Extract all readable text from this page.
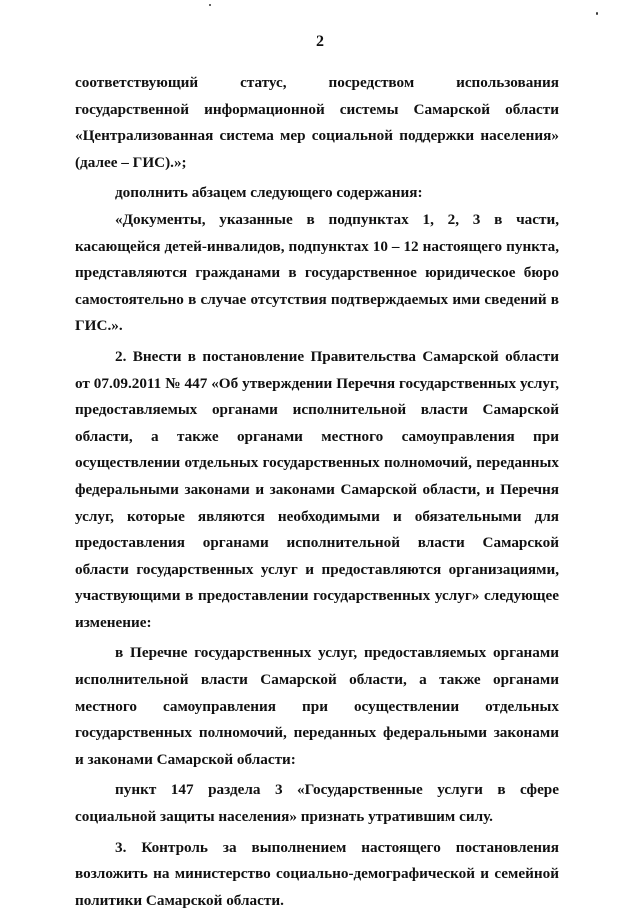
2

соответствующий статус, посредством использования государственной информационной системы Самарской области «Централизованная система мер социальной поддержки населения» (далее – ГИС).»;

дополнить абзацем следующего содержания:

«Документы, указанные в подпунктах 1, 2, 3 в части, касающейся детей-инвалидов, подпунктах 10 – 12 настоящего пункта, представляются гражданами в государственное юридическое бюро самостоятельно в случае отсутствия подтверждаемых ими сведений в ГИС.».

2. Внести в постановление Правительства Самарской области от 07.09.2011 № 447 «Об утверждении Перечня государственных услуг, предоставляемых органами исполнительной власти Самарской области, а также органами местного самоуправления при осуществлении отдельных государственных полномочий, переданных федеральными законами и законами Самарской области, и Перечня услуг, которые являются необходимыми и обязательными для предоставления органами исполнительной власти Самарской области государственных услуг и предоставляются организациями, участвующими в предоставлении государственных услуг» следующее изменение:

в Перечне государственных услуг, предоставляемых органами исполнительной власти Самарской области, а также органами местного самоуправления при осуществлении отдельных государственных полномочий, переданных федеральными законами и законами Самарской области:

пункт 147 раздела 3 «Государственные услуги в сфере социальной защиты населения» признать утратившим силу.

3. Контроль за выполнением настоящего постановления возложить на министерство социально-демографической и семейной политики Самарской области.
